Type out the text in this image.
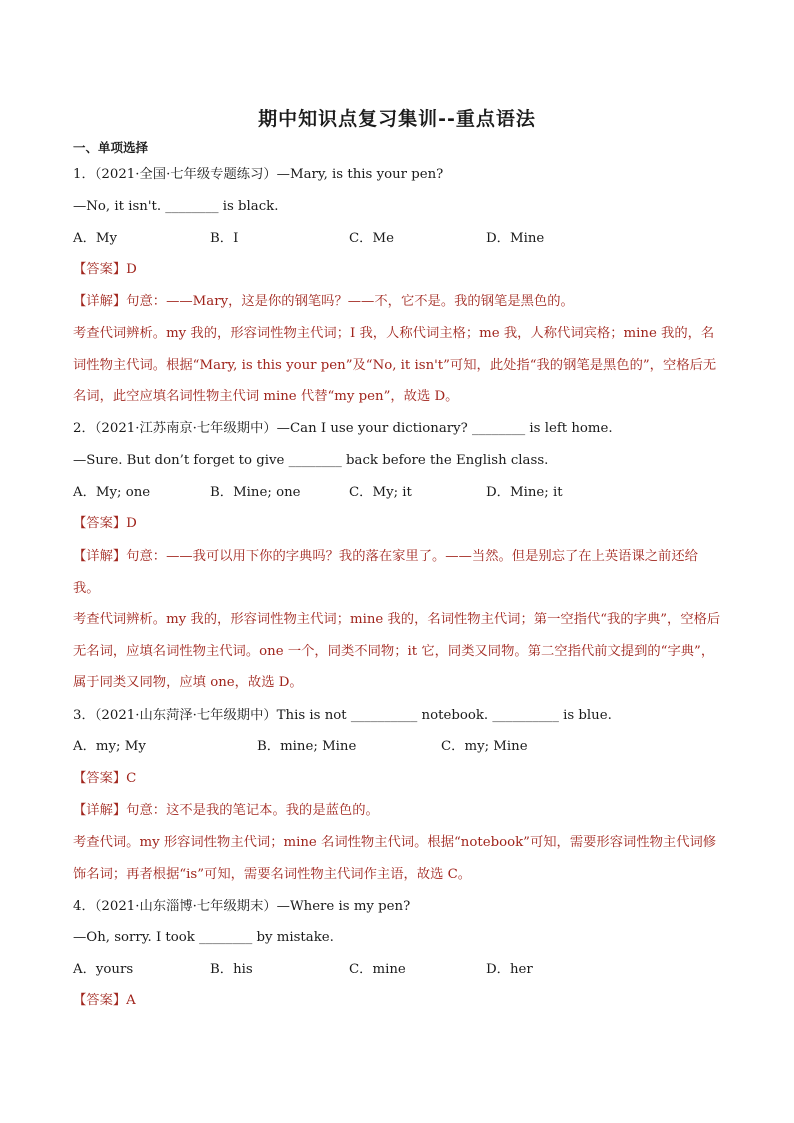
期中知识点复习集训--重点语法
一、单项选择
1．（2021·全国·七年级专题练习）—Mary, is this your pen?
—No, it isn't. ________ is black.
A．My	B．I	C．Me	D．Mine
【答案】D
【详解】句意：——Mary，这是你的钢笔吗？——不，它不是。我的钢笔是黑色的。
考查代词辨析。my 我的，形容词性物主代词；I 我，人称代词主格；me 我，人称代词宾格；mine 我的，名词性物主代词。根据“Mary, is this your pen”及“No, it isn't”可知，此处指“我的钢笔是黑色的”，空格后无名词，此空应填名词性物主代词 mine 代替“my pen”，故选 D。
2．（2021·江苏南京·七年级期中）—Can I use your dictionary? ________ is left home.
—Sure. But don’t forget to give ________ back before the English class.
A．My; one	B．Mine; one	C．My; it	D．Mine; it
【答案】D
【详解】句意：——我可以用下你的字典吗？我的落在家里了。——当然。但是别忘了在上英语课之前还给我。
考查代词辨析。my 我的，形容词性物主代词；mine 我的，名词性物主代词；第一空指代“我的字典”，空格后无名词，应填名词性物主代词。one 一个，同类不同物；it 它，同类又同物。第二空指代前文提到的“字典”，属于同类又同物，应填 one，故选 D。
3．（2021·山东菏泽·七年级期中）This is not __________ notebook. __________ is blue.
A．my; My	B．mine; Mine	C．my; Mine
【答案】C
【详解】句意：这不是我的笔记本。我的是蓝色的。
考查代词。my 形容词性物主代词；mine 名词性物主代词。根据“notebook”可知，需要形容词性物主代词修饰名词；再者根据“is”可知，需要名词性物主代词作主语，故选 C。
4．（2021·山东淄博·七年级期末）—Where is my pen?
—Oh, sorry. I took ________ by mistake.
A．yours	B．his	C．mine	D．her
【答案】A
